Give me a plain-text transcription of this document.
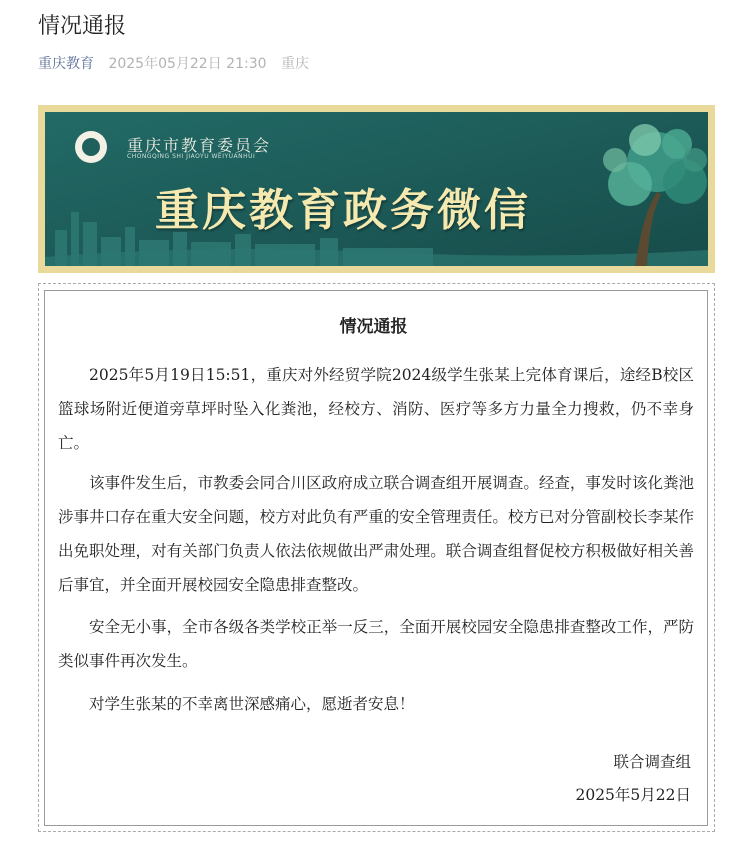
情况通报
重庆教育 2025年05月22日 21:30 重庆
重庆市教育委员会
CHONGQING SHI JIAOYU WEIYUANHUI
重庆教育政务微信
情况通报
2025年5月19日15:51，重庆对外经贸学院2024级学生张某上完体育课后，途经B校区篮球场附近便道旁草坪时坠入化粪池，经校方、消防、医疗等多方力量全力搜救，仍不幸身亡。
该事件发生后，市教委会同合川区政府成立联合调查组开展调查。经查，事发时该化粪池涉事井口存在重大安全问题，校方对此负有严重的安全管理责任。校方已对分管副校长李某作出免职处理，对有关部门负责人依法依规做出严肃处理。联合调查组督促校方积极做好相关善后事宜，并全面开展校园安全隐患排查整改。
安全无小事，全市各级各类学校正举一反三，全面开展校园安全隐患排查整改工作，严防类似事件再次发生。
对学生张某的不幸离世深感痛心，愿逝者安息！
联合调查组
2025年5月22日
